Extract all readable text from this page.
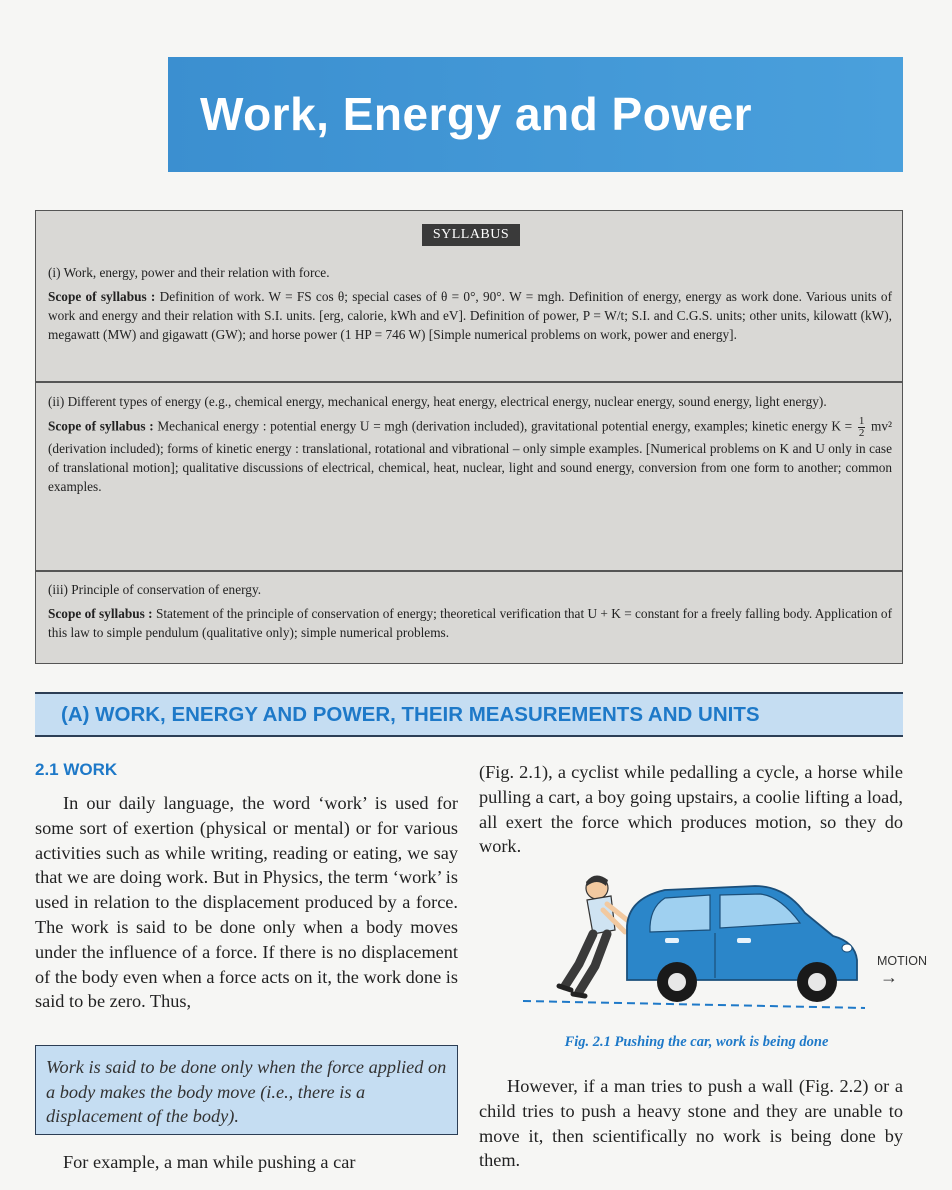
Work, Energy and Power
SYLLABUS

(i) Work, energy, power and their relation with force.

Scope of syllabus : Definition of work. W = FS cos θ; special cases of θ = 0°, 90°. W = mgh. Definition of energy, energy as work done. Various units of work and energy and their relation with S.I. units. [erg, calorie, kWh and eV]. Definition of power, P = W/t; S.I. and C.G.S. units; other units, kilowatt (kW), megawatt (MW) and gigawatt (GW); and horse power (1 HP = 746 W) [Simple numerical problems on work, power and energy].

(ii) Different types of energy (e.g., chemical energy, mechanical energy, heat energy, electrical energy, nuclear energy, sound energy, light energy).

Scope of syllabus : Mechanical energy : potential energy U = mgh (derivation included), gravitational potential energy, examples; kinetic energy $K = \frac{1}{2} mv^2$ (derivation included); forms of kinetic energy : translational, rotational and vibrational – only simple examples. [Numerical problems on K and U only in case of translational motion]; qualitative discussions of electrical, chemical, heat, nuclear, light and sound energy, conversion from one form to another; common examples.

(iii) Principle of conservation of energy.

Scope of syllabus : Statement of the principle of conservation of energy; theoretical verification that U + K = constant for a freely falling body. Application of this law to simple pendulum (qualitative only); simple numerical problems.

(A) WORK, ENERGY AND POWER, THEIR MEASUREMENTS AND UNITS
2.1 WORK

In our daily language, the word ‘work’ is used for some sort of exertion (physical or mental) or for various activities such as while writing, reading or eating, we say that we are doing work. But in Physics, the term ‘work’ is used in relation to the displacement produced by a force. The work is said to be done only when a body moves under the influence of a force. If there is no displacement of the body even when a force acts on it, the work done is said to be zero. Thus,

Work is said to be done only when the force applied on a body makes the body move (i.e., there is a displacement of the body).

For example, a man while pushing a car

(Fig. 2.1), a cyclist while pedalling a cycle, a horse while pulling a cart, a boy going upstairs, a coolie lifting a load, all exert the force which produces motion, so they do work.

MOTION
→
Fig. 2.1 Pushing the car, work is being done

However, if a man tries to push a wall (Fig. 2.2) or a child tries to push a heavy stone and they are unable to move it, then scientifically no work is being done by them.
